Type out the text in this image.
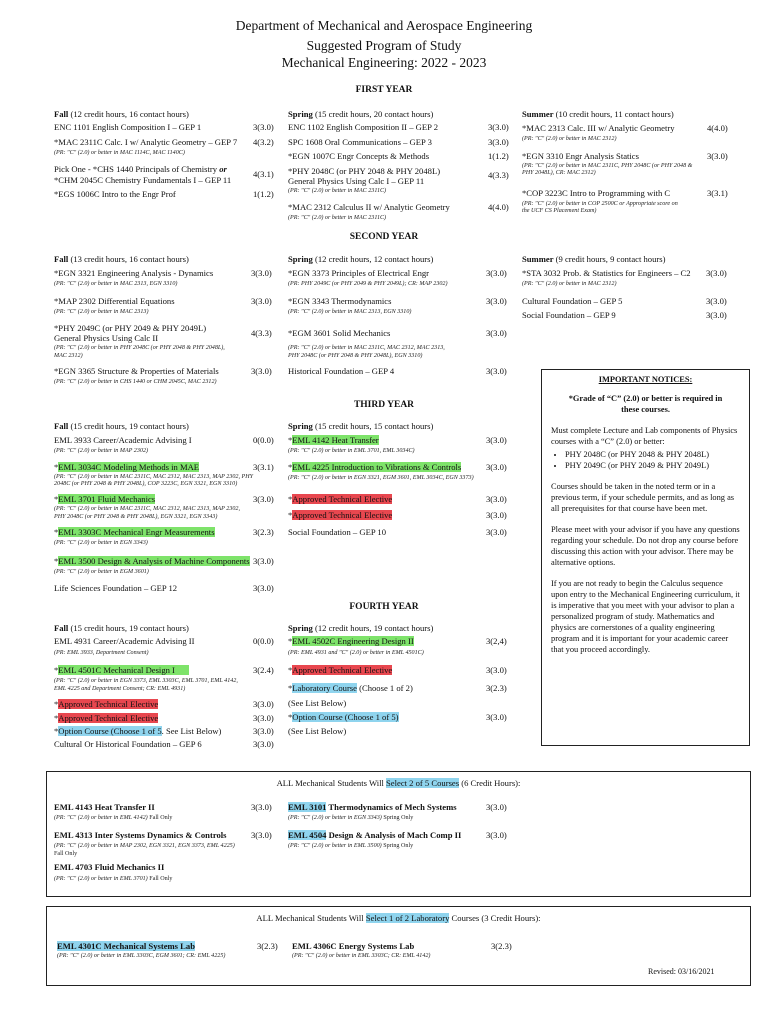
Department of Mechanical and Aerospace Engineering
Suggested Program of Study
Mechanical Engineering: 2022 - 2023
FIRST YEAR
Fall (12 credit hours, 16 contact hours)
ENC 1101 English Composition I – GEP 1	3(3.0)
*MAC 2311C Calc. I w/ Analytic Geometry – GEP 7 4(3.2)
(PR: "C" (2.0) or better in MAC 1114C, MAC 1140C)
Pick One - *CHS 1440 Principals of Chemistry or
*CHM 2045C Chemistry Fundamentals I – GEP 11
4(3.1)
*EGS 1006C Intro to the Engr Prof	1(1.2)
Spring (15 credit hours, 20 contact hours)
ENC 1102 English Composition II – GEP 2	3(3.0)
SPC 1608 Oral Communications – GEP 3	3(3.0)
*EGN 1007C Engr Concepts & Methods	1(1.2)
*PHY 2048C (or PHY 2048 & PHY 2048L)
General Physics Using Calc I – GEP 11
4(3.3)
(PR: "C" (2.0) or better in MAC 2311C)
*MAC 2312 Calculus II w/ Analytic Geometry	4(4.0)
(PR: "C" (2.0) or better in MAC 2311C)
Summer (10 credit hours, 11 contact hours)
*MAC 2313 Calc. III w/ Analytic Geometry	4(4.0)
(PR: "C" (2.0) or better in MAC 2312)
*EGN 3310 Engr Analysis Statics	3(3.0)
(PR: "C" (2.0) or better in MAC 2311C, PHY 2048C (or PHY 2048 &
PHY 2048L), CR: MAC 2312)
*COP 3223C Intro to Programming with C	3(3.1)
(PR: "C" (2.0) or better in COP 2500C or Appropriate score on
the UCF CS Placement Exam)
SECOND YEAR
Fall (13 credit hours, 16 contact hours)
*EGN 3321 Engineering Analysis - Dynamics	3(3.0)
(PR: "C" (2.0) or better in MAC 2313, EGN 3310)
*MAP 2302 Differential Equations	3(3.0)
(PR: "C" (2.0) or better in MAC 2313)
*PHY 2049C (or PHY 2049 & PHY 2049L)
General Physics Using Calc II	4(3.3)
(PR: "C" (2.0) or better in PHY 2048C (or PHY 2048 & PHY 2048L),
MAC 2312)
*EGN 3365 Structure & Properties of Materials	3(3.0)
(PR: "C" (2.0) or better in CHS 1440 or CHM 2045C, MAC 2312)
Spring (12 credit hours, 12 contact hours)
*EGN 3373 Principles of Electrical Engr	3(3.0)
(PR: PHY 2049C (or PHY 2049 & PHY 2049L); CR: MAP 2302)
*EGN 3343 Thermodynamics	3(3.0)
(PR: "C" (2.0) or better in MAC 2313, EGN 3310)
*EGM 3601 Solid Mechanics	3(3.0)
(PR: "C" (2.0) or better in MAC 2311C, MAC 2312, MAC 2313,
PHY 2048C (or PHY 2048 & PHY 2048L), EGN 3310)
Historical Foundation – GEP 4	3(3.0)
Summer (9 credit hours, 9 contact hours)
*STA 3032 Prob. & Statistics for Engineers – C2 3(3.0)
(PR: "C" (2.0) or better in MAC 2312)
Cultural Foundation – GEP 5	3(3.0)
Social Foundation – GEP 9	3(3.0)

IMPORTANT NOTICES:

*Grade of “C” (2.0) or better is required in these courses.

Must complete Lecture and Lab components of Physics courses with a “C” (2.0) or better:

• PHY 2048C (or PHY 2048 & PHY 2048L)
• PHY 2049C (or PHY 2049 & PHY 2049L)

Courses should be taken in the noted term or in a previous term, if your schedule permits, and as long as all prerequisites for that course have been met.

Please meet with your advisor if you have any questions regarding your schedule. Do not drop any course before discussing this action with your advisor. There may be alternative options.

If you are not ready to begin the Calculus sequence upon entry to the Mechanical Engineering curriculum, it is imperative that you meet with your advisor to plan a personalized program of study. Mathematics and physics are cornerstones of a quality engineering program and it is important for your academic career that you proceed accordingly.

THIRD YEAR
Fall (15 credit hours, 19 contact hours)
EML 3933 Career/Academic Advising I	0(0.0)
(PR: "C" (2.0) or better in MAP 2302)
*EML 3034C Modeling Methods in MAE	3(3.1)
(PR: "C" (2.0) or better in MAC 2311C, MAC 2312, MAC 2313, MAP 2302, PHY
2048C (or PHY 2048 & PHY 2048L), COP 3223C, EGN 3321, EGN 3310)
*EML 3701 Fluid Mechanics	3(3.0)
(PR: "C" (2.0) or better in MAC 2311C, MAC 2312, MAC 2313, MAP 2302,
PHY 2048C (or PHY 2048 & PHY 2048L), EGN 3321, EGN 3343)
*EML 3303C Mechanical Engr Measurements	3(2.3)
(PR: "C" (2.0) or better in EGN 3343)
*EML 3500 Design & Analysis of Machine Components 3(3.0)
(PR: "C" (2.0) or better in EGM 3601)
Life Sciences Foundation – GEP 12	3(3.0)
Spring (15 credit hours, 15 contact hours)
*EML 4142 Heat Transfer	3(3.0)
(PR: "C" (2.0) or better in EML 3701, EML 3034C)
*EML 4225 Introduction to Vibrations & Controls	3(3.0)
(PR: "C" (2.0) or better in EGN 3321, EGM 3601, EML 3034C, EGN 3373)
*Approved Technical Elective	3(3.0)
*Approved Technical Elective	3(3.0)
Social Foundation – GEP 10	3(3.0)
FOURTH YEAR
Fall (15 credit hours, 19 contact hours)
EML 4931 Career/Academic Advising II	0(0.0)
(PR: EML 3933, Department Consent)
*EML 4501C Mechanical Design I	3(2.4)
(PR: "C" (2.0) or better in EGN 3373, EML 3303C, EML 3701, EML 4142,
EML 4225 and Department Consent; CR: EML 4931)
*Approved Technical Elective	3(3.0)
*Approved Technical Elective	3(3.0)
*Option Course (Choose 1 of 5. See List Below)	3(3.0)
Cultural Or Historical Foundation – GEP 6	3(3.0)
Spring (12 credit hours, 19 contact hours)
*EML 4502C Engineering Design II	3(2,4)
(PR: EML 4931 and "C" (2.0) or better in EML 4501C)
*Approved Technical Elective	3(3.0)
*Laboratory Course (Choose 1 of 2)	3(2.3)
(See List Below)
*Option Course (Choose 1 of 5)	3(3.0)
(See List Below)
ALL Mechanical Students Will Select 2 of 5 Courses (6 Credit Hours):
EML 4143 Heat Transfer II	3(3.0)
(PR: "C" (2.0) or better in EML 4142) Fall Only
EML 3101 Thermodynamics of Mech Systems	3(3.0)
(PR: "C" (2.0) or better in EGN 3343) Spring Only
EML 4313 Inter Systems Dynamics & Controls	3(3.0)
(PR: "C" (2.0) or better in MAP 2302, EGN 3321, EGN 3373, EML 4225)
Fall Only
EML 4504 Design & Analysis of Mach Comp II	3(3.0)
(PR: "C" (2.0) or better in EML 3500) Spring Only
EML 4703 Fluid Mechanics II
(PR: "C" (2.0) or better in EML 3701) Fall Only
ALL Mechanical Students Will Select 1 of 2 Laboratory Courses (3 Credit Hours):
EML 4301C Mechanical Systems Lab	3(2.3)
(PR: "C" (2.0) or better in EML 3303C, EGM 3601; CR: EML 4225)
EML 4306C Energy Systems Lab	3(2.3)
(PR: "C" (2.0) or better in EML 3303C; CR: EML 4142)
Revised: 03/16/2021
